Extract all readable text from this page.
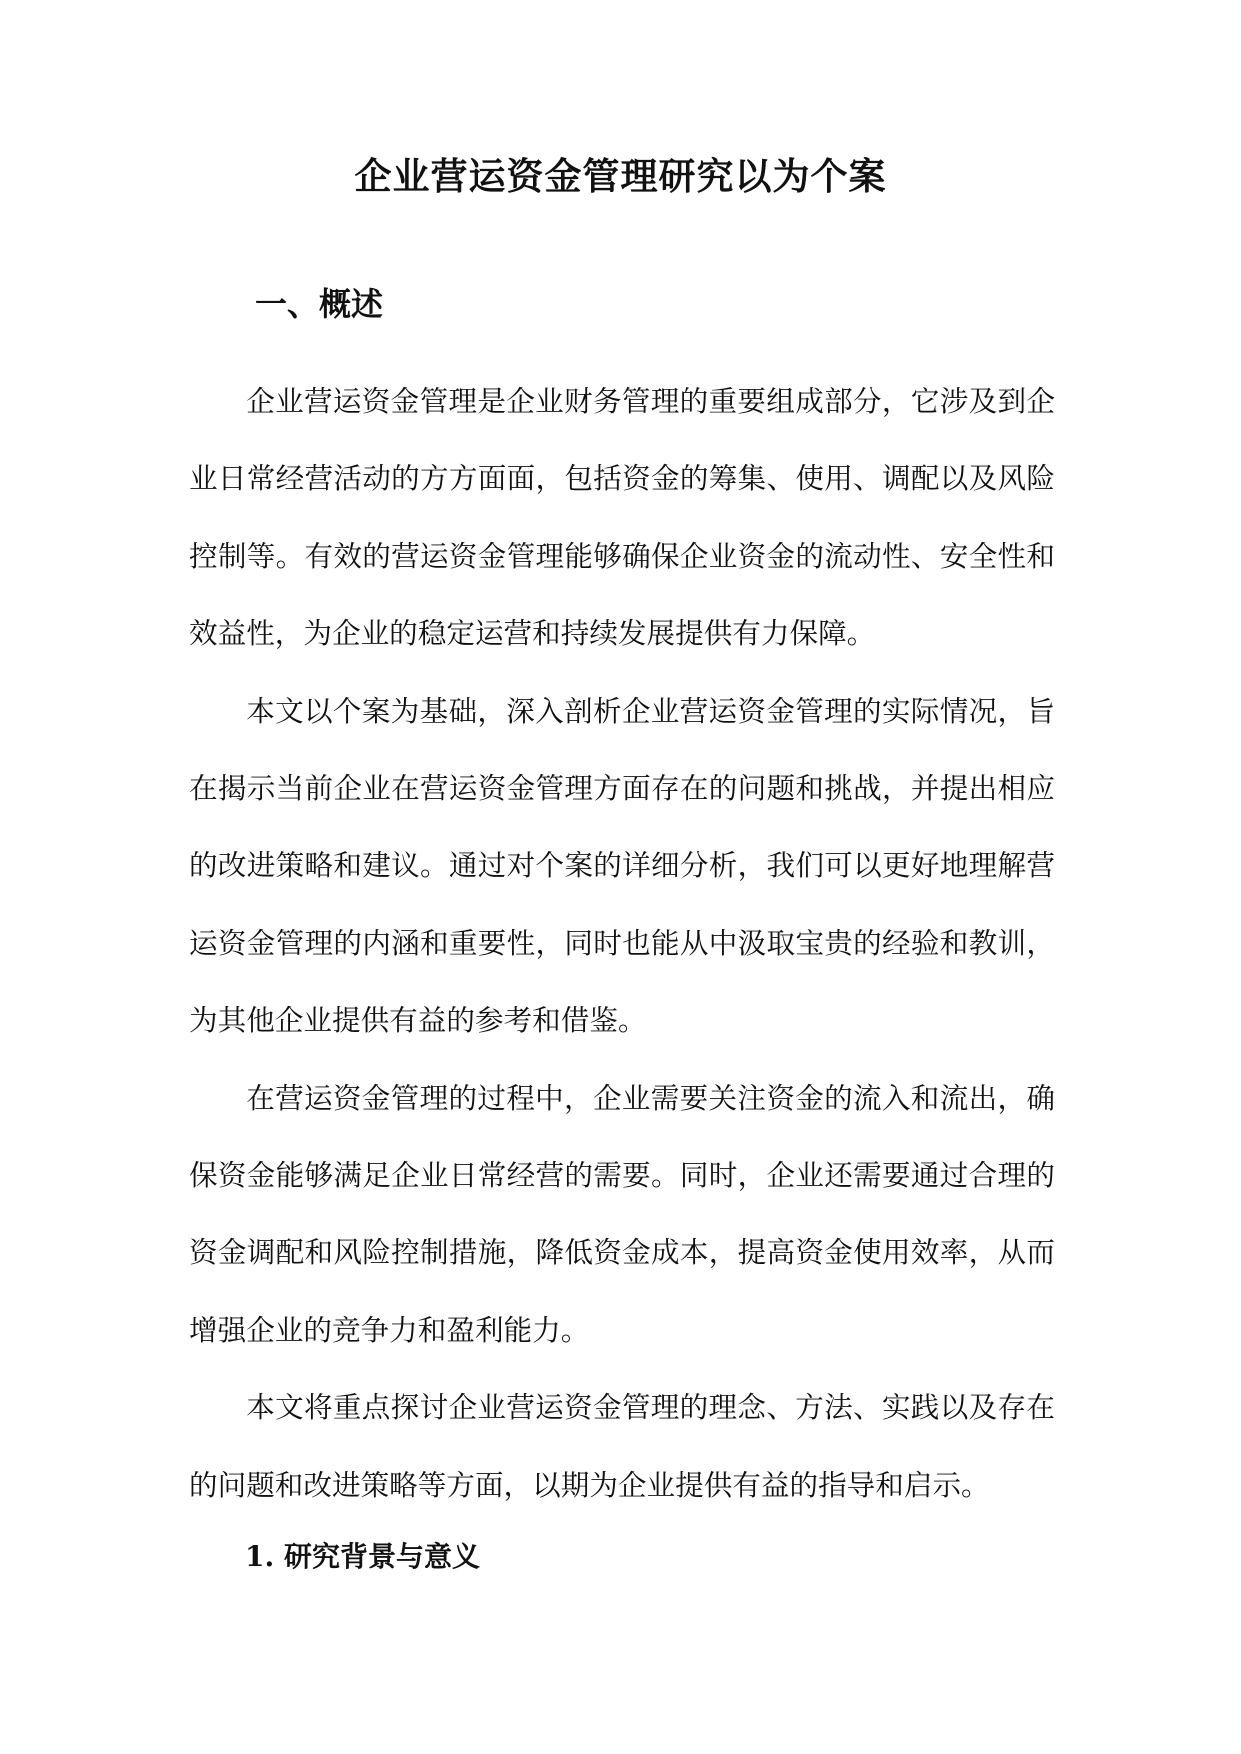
企业营运资金管理研究以为个案
一、概述

企业营运资金管理是企业财务管理的重要组成部分，它涉及到企业日常经营活动的方方面面，包括资金的筹集、使用、调配以及风险控制等。有效的营运资金管理能够确保企业资金的流动性、安全性和效益性，为企业的稳定运营和持续发展提供有力保障。

本文以个案为基础，深入剖析企业营运资金管理的实际情况，旨在揭示当前企业在营运资金管理方面存在的问题和挑战，并提出相应的改进策略和建议。通过对个案的详细分析，我们可以更好地理解营运资金管理的内涵和重要性，同时也能从中汲取宝贵的经验和教训，为其他企业提供有益的参考和借鉴。

在营运资金管理的过程中，企业需要关注资金的流入和流出，确保资金能够满足企业日常经营的需要。同时，企业还需要通过合理的资金调配和风险控制措施，降低资金成本，提高资金使用效率，从而增强企业的竞争力和盈利能力。

本文将重点探讨企业营运资金管理的理念、方法、实践以及存在的问题和改进策略等方面，以期为企业提供有益的指导和启示。

1. 研究背景与意义
